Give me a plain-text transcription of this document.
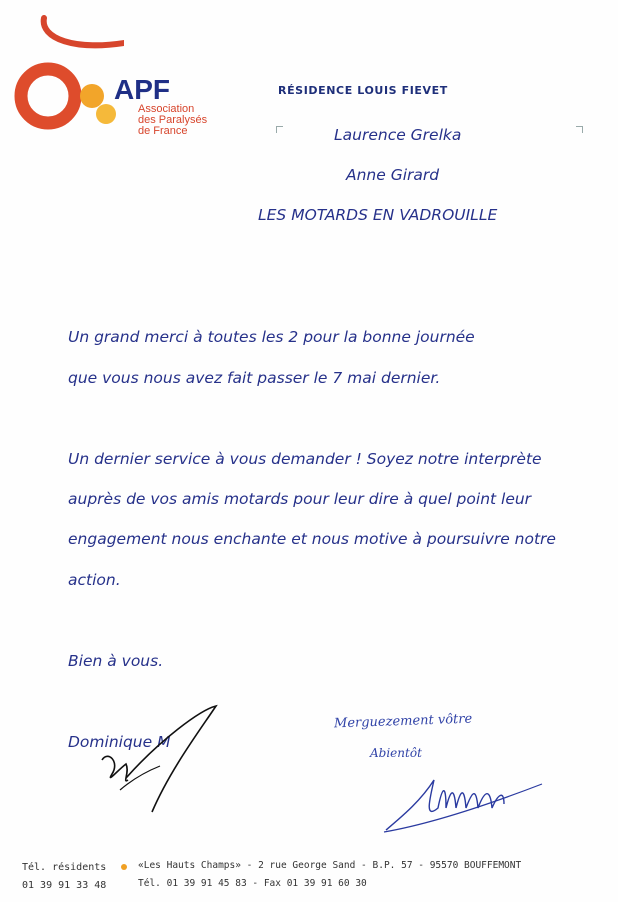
APF
Association
des Paralysés
de France
RÉSIDENCE LOUIS FIEVET
Laurence Grelka
Anne Girard
LES MOTARDS EN VADROUILLE
Un grand merci à toutes les 2 pour la bonne journée
que vous nous avez fait passer le 7 mai dernier.
Un dernier service à vous demander ! Soyez notre interprète
auprès de vos amis motards pour leur dire à quel point leur
engagement nous enchante et nous motive à poursuivre notre
action.
Bien à vous.
Dominique M
Merguezement vôtre
Abientôt
Tél. résidents
01 39 91 33 48
«Les Hauts Champs» - 2 rue George Sand - B.P. 57 - 95570 BOUFFEMONT
Tél. 01 39 91 45 83 - Fax 01 39 91 60 30
